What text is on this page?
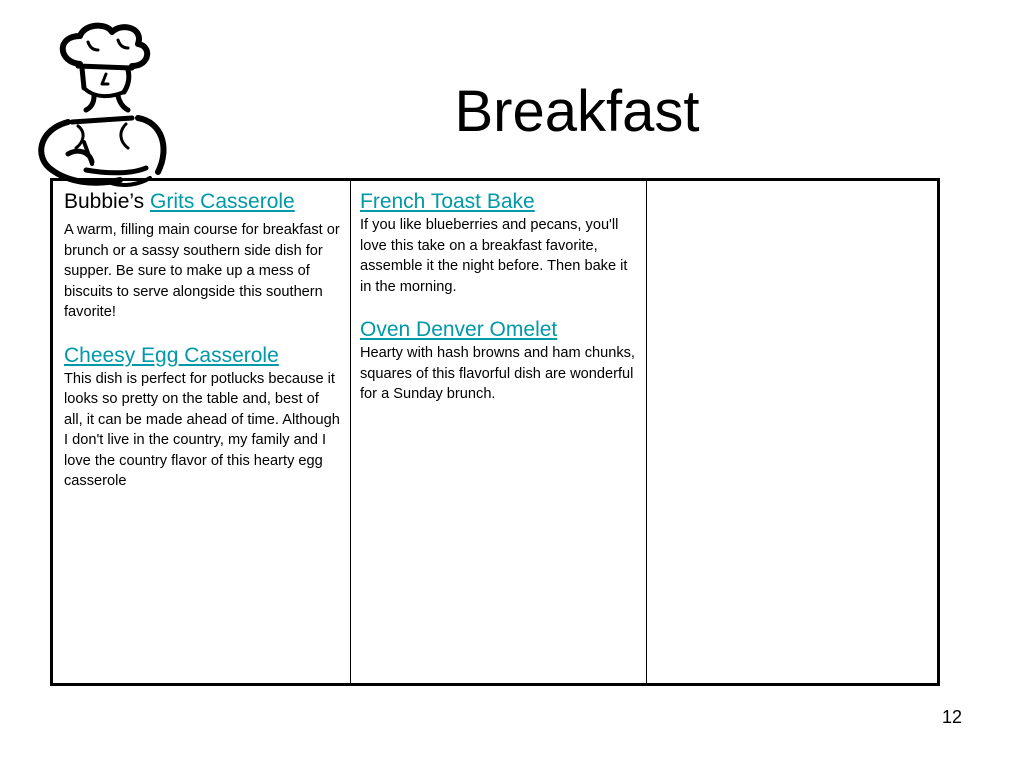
Breakfast
Bubbie’s Grits Casserole

A warm, filling main course for breakfast or brunch or a sassy southern side dish for supper. Be sure to make up a mess of biscuits to serve alongside this southern favorite!

Cheesy Egg Casserole

This dish is perfect for potlucks because it looks so pretty on the table and, best of all, it can be made ahead of time. Although I don't live in the country, my family and I love the country flavor of this hearty egg casserole

French Toast Bake

If you like blueberries and pecans, you'll love this take on a breakfast favorite, assemble it the night before. Then bake it in the morning.

Oven Denver Omelet

Hearty with hash browns and ham chunks, squares of this flavorful dish are wonderful for a Sunday brunch.

12
